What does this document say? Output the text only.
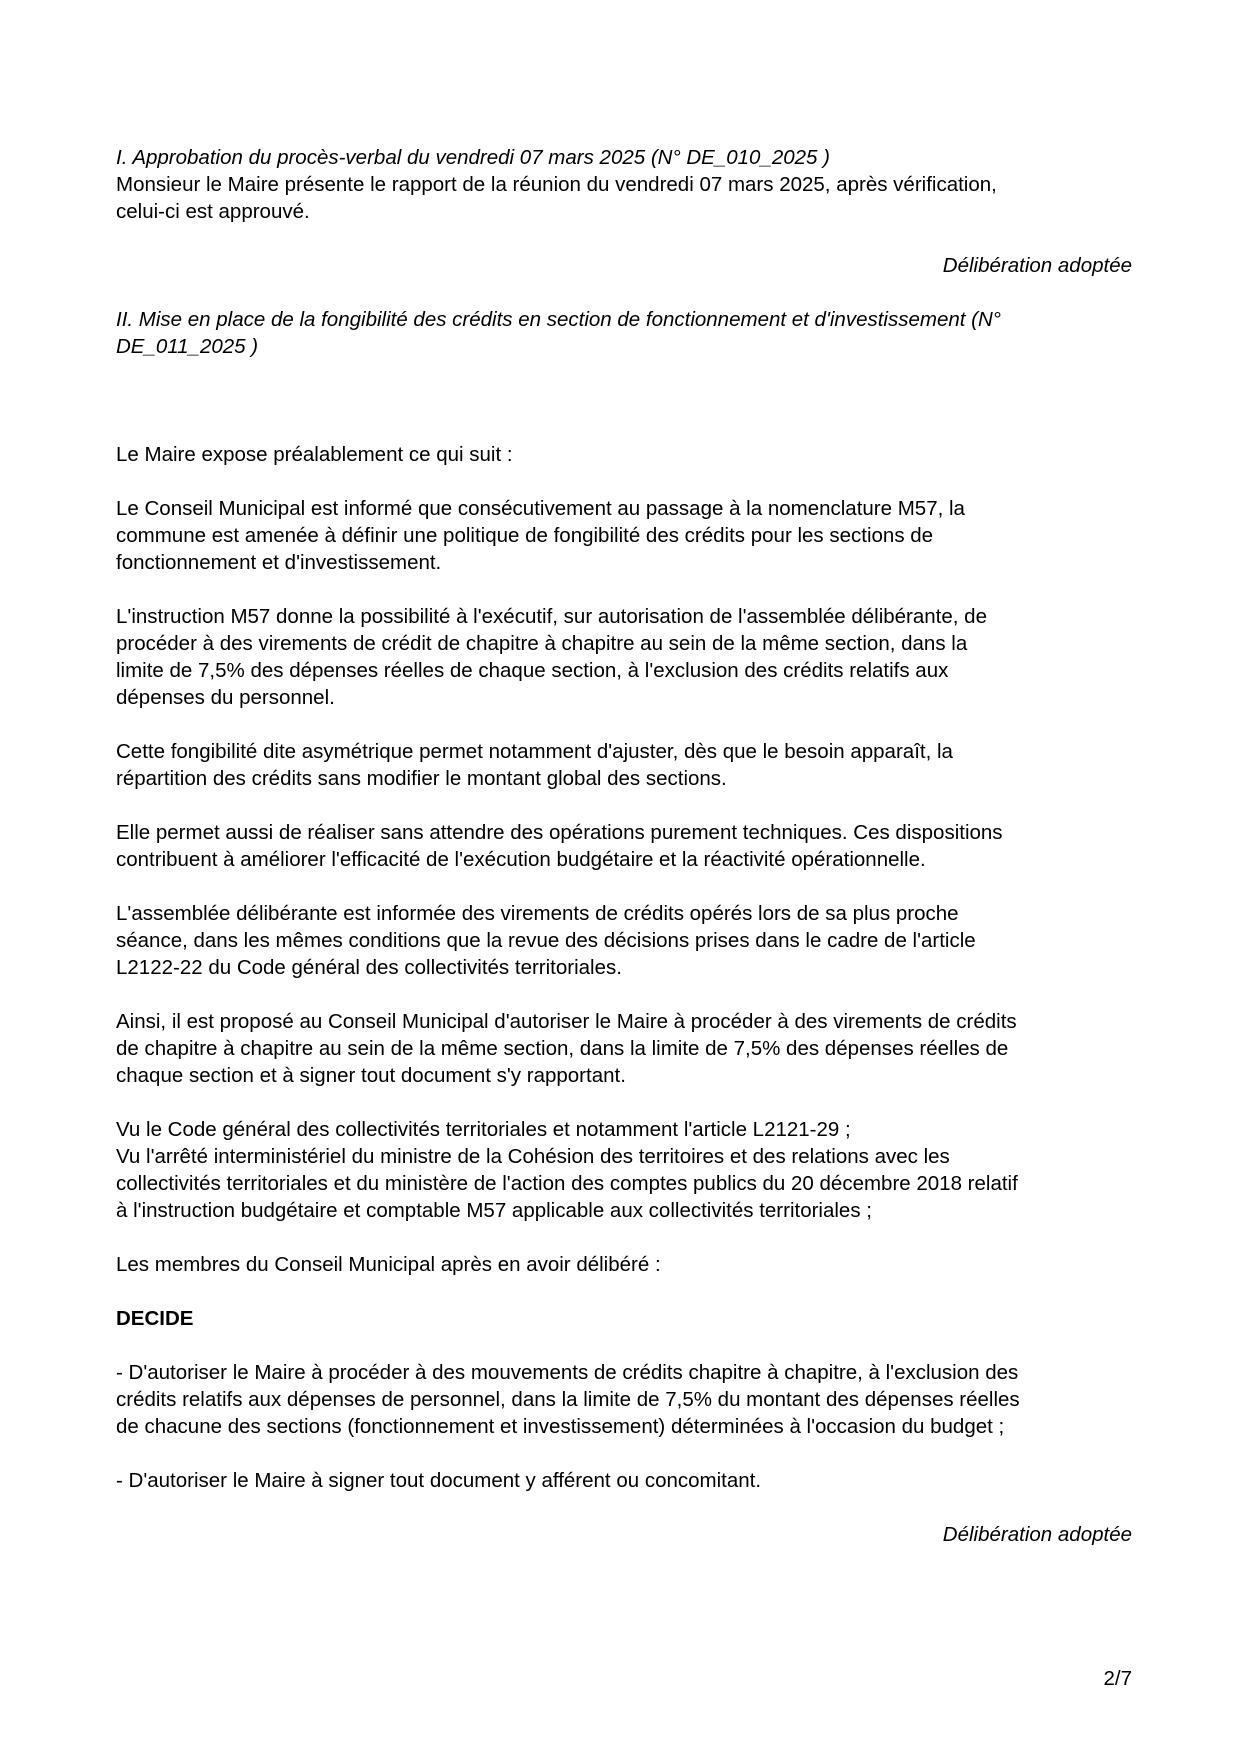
I. Approbation du procès-verbal du vendredi 07 mars 2025 (N° DE_010_2025 )

Monsieur le Maire présente le rapport de la réunion du vendredi 07 mars 2025, après vérification,
celui-ci est approuvé.

Délibération adoptée

II. Mise en place de la fongibilité des crédits en section de fonctionnement et d'investissement (N°
DE_011_2025 )

Le Maire expose préalablement ce qui suit :

Le Conseil Municipal est informé que consécutivement au passage à la nomenclature M57, la
commune est amenée à définir une politique de fongibilité des crédits pour les sections de
fonctionnement et d'investissement.

L'instruction M57 donne la possibilité à l'exécutif, sur autorisation de l'assemblée délibérante, de
procéder à des virements de crédit de chapitre à chapitre au sein de la même section, dans la
limite de 7,5% des dépenses réelles de chaque section, à l'exclusion des crédits relatifs aux
dépenses du personnel.

Cette fongibilité dite asymétrique permet notamment d'ajuster, dès que le besoin apparaît, la
répartition des crédits sans modifier le montant global des sections.

Elle permet aussi de réaliser sans attendre des opérations purement techniques. Ces dispositions
contribuent à améliorer l'efficacité de l'exécution budgétaire et la réactivité opérationnelle.

L'assemblée délibérante est informée des virements de crédits opérés lors de sa plus proche
séance, dans les mêmes conditions que la revue des décisions prises dans le cadre de l'article
L2122-22 du Code général des collectivités territoriales.

Ainsi, il est proposé au Conseil Municipal d'autoriser le Maire à procéder à des virements de crédits
de chapitre à chapitre au sein de la même section, dans la limite de 7,5% des dépenses réelles de
chaque section et à signer tout document s'y rapportant.

Vu le Code général des collectivités territoriales et notamment l'article L2121-29 ;
Vu l'arrêté interministériel du ministre de la Cohésion des territoires et des relations avec les
collectivités territoriales et du ministère de l'action des comptes publics du 20 décembre 2018 relatif
à l'instruction budgétaire et comptable M57 applicable aux collectivités territoriales ;

Les membres du Conseil Municipal après en avoir délibéré :

DECIDE

- D'autoriser le Maire à procéder à des mouvements de crédits chapitre à chapitre, à l'exclusion des
crédits relatifs aux dépenses de personnel, dans la limite de 7,5% du montant des dépenses réelles
de chacune des sections (fonctionnement et investissement) déterminées à l'occasion du budget ;

- D'autoriser le Maire à signer tout document y afférent ou concomitant.

Délibération adoptée

2/7
